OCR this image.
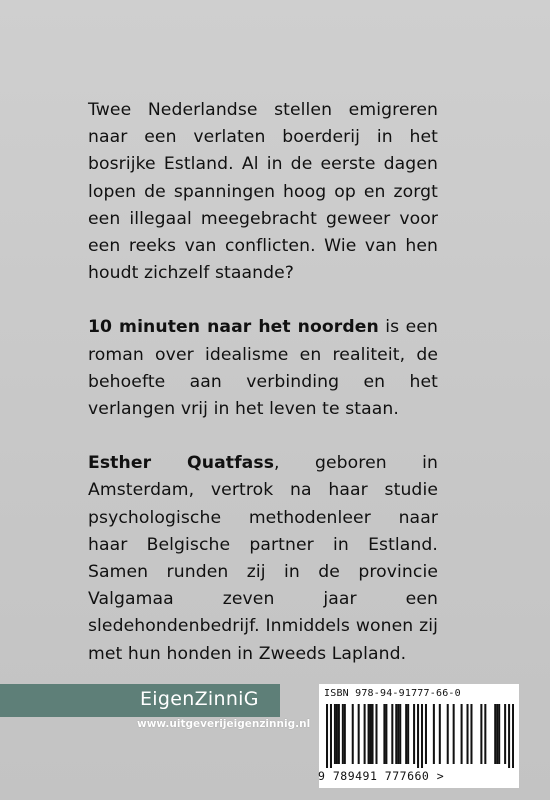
Twee Nederlandse stellen emigreren naar een verlaten boerderij in het bosrijke Estland. Al in de eerste dagen lopen de spanningen hoog op en zorgt een illegaal meegebracht geweer voor een reeks van conflicten. Wie van hen houdt zichzelf staande?

10 minuten naar het noorden is een roman over idealisme en realiteit, de behoefte aan verbinding en het verlangen vrij in het leven te staan.

Esther Quatfass, geboren in Amsterdam, vertrok na haar studie psychologische methodenleer naar haar Belgische partner in Estland. Samen runden zij in de provincie Valgamaa zeven jaar een sledehondenbedrijf. Inmiddels wonen zij met hun honden in Zweeds Lapland.

EigenZinniG
www.uitgeverijeigenzinnig.nl
ISBN 978-94-91777-66-0
9 789491 777660 >
